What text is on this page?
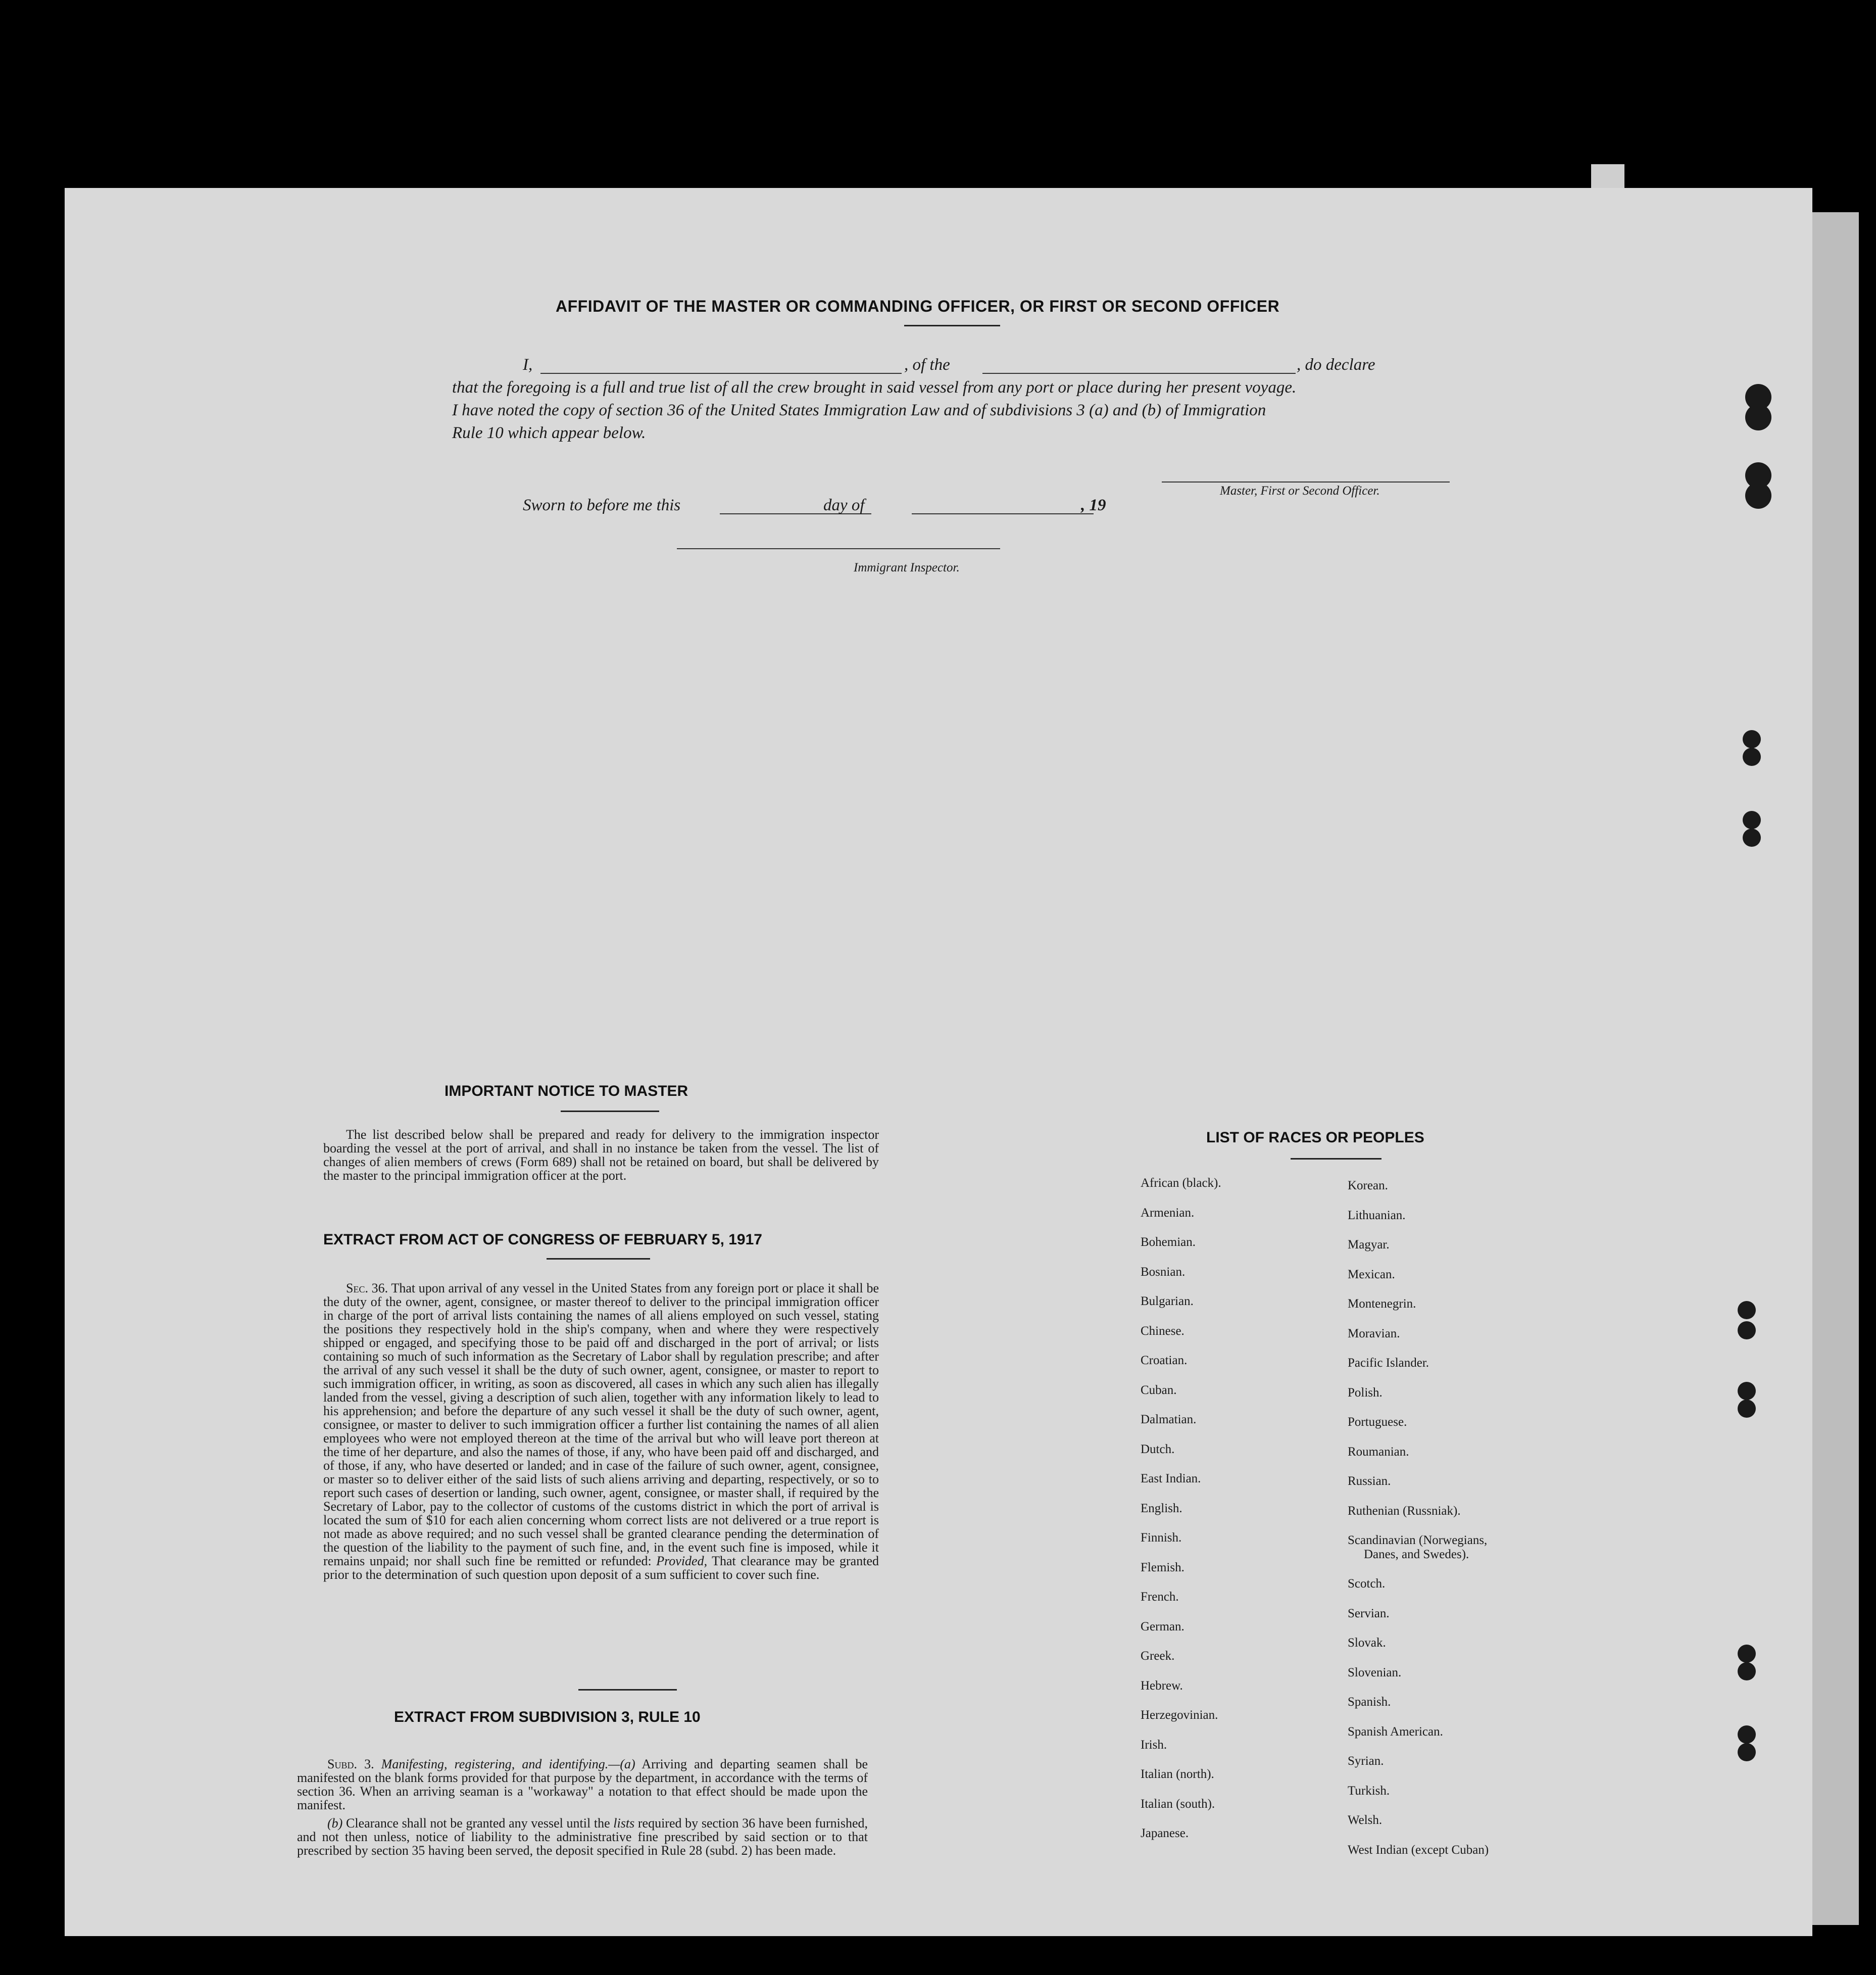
AFFIDAVIT OF THE MASTER OR COMMANDING OFFICER, OR FIRST OR SECOND OFFICER
I,	, of the	, do declare
that the foregoing is a full and true list of all the crew brought in said vessel from any port or place during her present voyage.
I have noted the copy of section 36 of the United States Immigration Law and of subdivisions 3 (a) and (b) of Immigration
Rule 10 which appear below.
Master, First or Second Officer.
Sworn to before me this	day of	, 19
Immigrant Inspector.
IMPORTANT NOTICE TO MASTER
The list described below shall be prepared and ready for delivery to the immigration inspector boarding the vessel at the port of arrival, and shall in no instance be taken from the vessel. The list of changes of alien members of crews (Form 689) shall not be retained on board, but shall be delivered by the master to the principal immigration officer at the port.
EXTRACT FROM ACT OF CONGRESS OF FEBRUARY 5, 1917
Sec. 36. That upon arrival of any vessel in the United States from any foreign port or place it shall be the duty of the owner, agent, consignee, or master thereof to deliver to the principal immigration officer in charge of the port of arrival lists containing the names of all aliens employed on such vessel, stating the positions they respectively hold in the ship's company, when and where they were respectively shipped or engaged, and specifying those to be paid off and discharged in the port of arrival; or lists containing so much of such information as the Secretary of Labor shall by regulation prescribe; and after the arrival of any such vessel it shall be the duty of such owner, agent, consignee, or master to report to such immigration officer, in writing, as soon as discovered, all cases in which any such alien has illegally landed from the vessel, giving a description of such alien, together with any information likely to lead to his apprehension; and before the departure of any such vessel it shall be the duty of such owner, agent, consignee, or master to deliver to such immigration officer a further list containing the names of all alien employees who were not employed thereon at the time of the arrival but who will leave port thereon at the time of her departure, and also the names of those, if any, who have been paid off and discharged, and of those, if any, who have deserted or landed; and in case of the failure of such owner, agent, consignee, or master so to deliver either of the said lists of such aliens arriving and departing, respectively, or so to report such cases of desertion or landing, such owner, agent, consignee, or master shall, if required by the Secretary of Labor, pay to the collector of customs of the customs district in which the port of arrival is located the sum of $10 for each alien concerning whom correct lists are not delivered or a true report is not made as above required; and no such vessel shall be granted clearance pending the determination of the question of the liability to the payment of such fine, and, in the event such fine is imposed, while it remains unpaid; nor shall such fine be remitted or refunded: Provided, That clearance may be granted prior to the determination of such question upon deposit of a sum sufficient to cover such fine.
EXTRACT FROM SUBDIVISION 3, RULE 10
Subd. 3. Manifesting, registering, and identifying.—(a) Arriving and departing seamen shall be manifested on the blank forms provided for that purpose by the department, in accordance with the terms of section 36. When an arriving seaman is a "workaway" a notation to that effect should be made upon the manifest.
(b) Clearance shall not be granted any vessel until the lists required by section 36 have been furnished, and not then unless, notice of liability to the administrative fine prescribed by said section or to that prescribed by section 35 having been served, the deposit specified in Rule 28 (subd. 2) has been made.
LIST OF RACES OR PEOPLES
African (black).
Armenian.
Bohemian.
Bosnian.
Bulgarian.
Chinese.
Croatian.
Cuban.
Dalmatian.
Dutch.
East Indian.
English.
Finnish.
Flemish.
French.
German.
Greek.
Hebrew.
Herzegovinian.
Irish.
Italian (north).
Italian (south).
Japanese.
Korean.
Lithuanian.
Magyar.
Mexican.
Montenegrin.
Moravian.
Pacific Islander.
Polish.
Portuguese.
Roumanian.
Russian.
Ruthenian (Russniak).
Scandinavian (Norwegians,
Danes, and Swedes).
Scotch.
Servian.
Slovak.
Slovenian.
Spanish.
Spanish American.
Syrian.
Turkish.
Welsh.
West Indian (except Cuban)
